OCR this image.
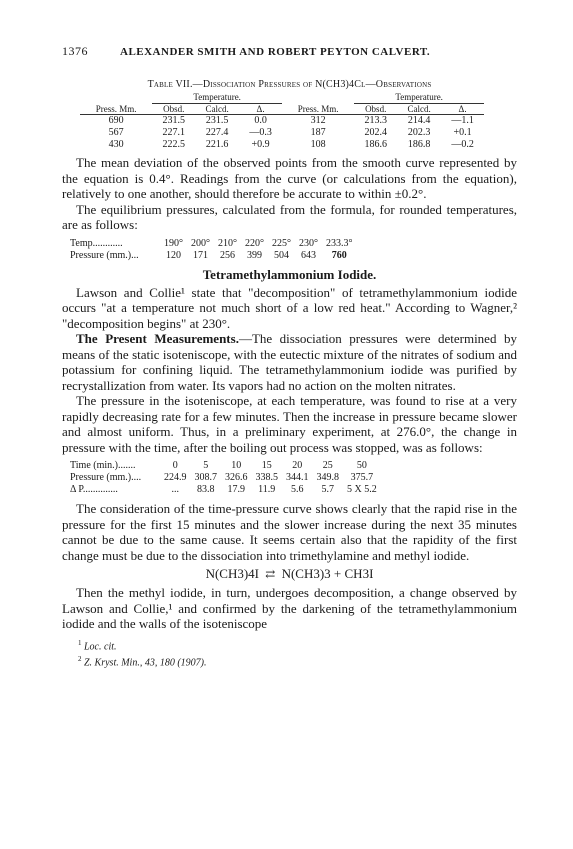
1376	ALEXANDER SMITH AND ROBERT PEYTON CALVERT.
Table VII.—Dissociation Pressures of N(CH3)4Cl—Observations
	Temperature.				Temperature.		
Press. Mm.	Obsd.	Calcd.	Δ.	Press. Mm.	Obsd.	Calcd.	Δ.
690	231.5	231.5	0.0	312	213.3	214.4	—1.1
567	227.1	227.4	—0.3	187	202.4	202.3	+0.1
430	222.5	221.6	+0.9	108	186.6	186.8	—0.2

The mean deviation of the observed points from the smooth curve represented by the equation is 0.4°. Readings from the curve (or calculations from the equation), relatively to one another, should therefore be accurate to within ±0.2°.

The equilibrium pressures, calculated from the formula, for rounded temperatures, are as follows:

Temp............	190°	200°	210°	220°	225°	230°	233.3°
Pressure (mm.)...	120	171	256	399	504	643	760
Tetramethylammonium Iodide.

Lawson and Collie¹ state that "decomposition" of tetramethylammonium iodide occurs "at a temperature not much short of a low red heat." According to Wagner,² "decomposition begins" at 230°.

The Present Measurements.—The dissociation pressures were determined by means of the static isoteniscope, with the eutectic mixture of the nitrates of sodium and potassium for confining liquid. The tetramethylammonium iodide was purified by recrystallization from water. Its vapors had no action on the molten nitrates.

The pressure in the isoteniscope, at each temperature, was found to rise at a very rapidly decreasing rate for a few minutes. Then the increase in pressure became slower and almost uniform. Thus, in a preliminary experiment, at 276.0°, the change in pressure with the time, after the boiling out process was stopped, was as follows:

Time (min.).......	0	5	10	15	20	25	50
Pressure (mm.)....	224.9	308.7	326.6	338.5	344.1	349.8	375.7
Δ P..............	...	83.8	17.9	11.9	5.6	5.7	5 X 5.2

The consideration of the time-pressure curve shows clearly that the rapid rise in the pressure for the first 15 minutes and the slower increase during the next 35 minutes cannot be due to the same cause. It seems certain also that the rapidity of the first change must be due to the dissociation into trimethylamine and methyl iodide.

N(CH3)4I ⇄ N(CH3)3 + CH3I

Then the methyl iodide, in turn, undergoes decomposition, a change observed by Lawson and Collie,¹ and confirmed by the darkening of the tetramethylammonium iodide and the walls of the isoteniscope

$^1$ Loc. cit.
$^2$ Z. Kryst. Min., 43, 180 (1907).
